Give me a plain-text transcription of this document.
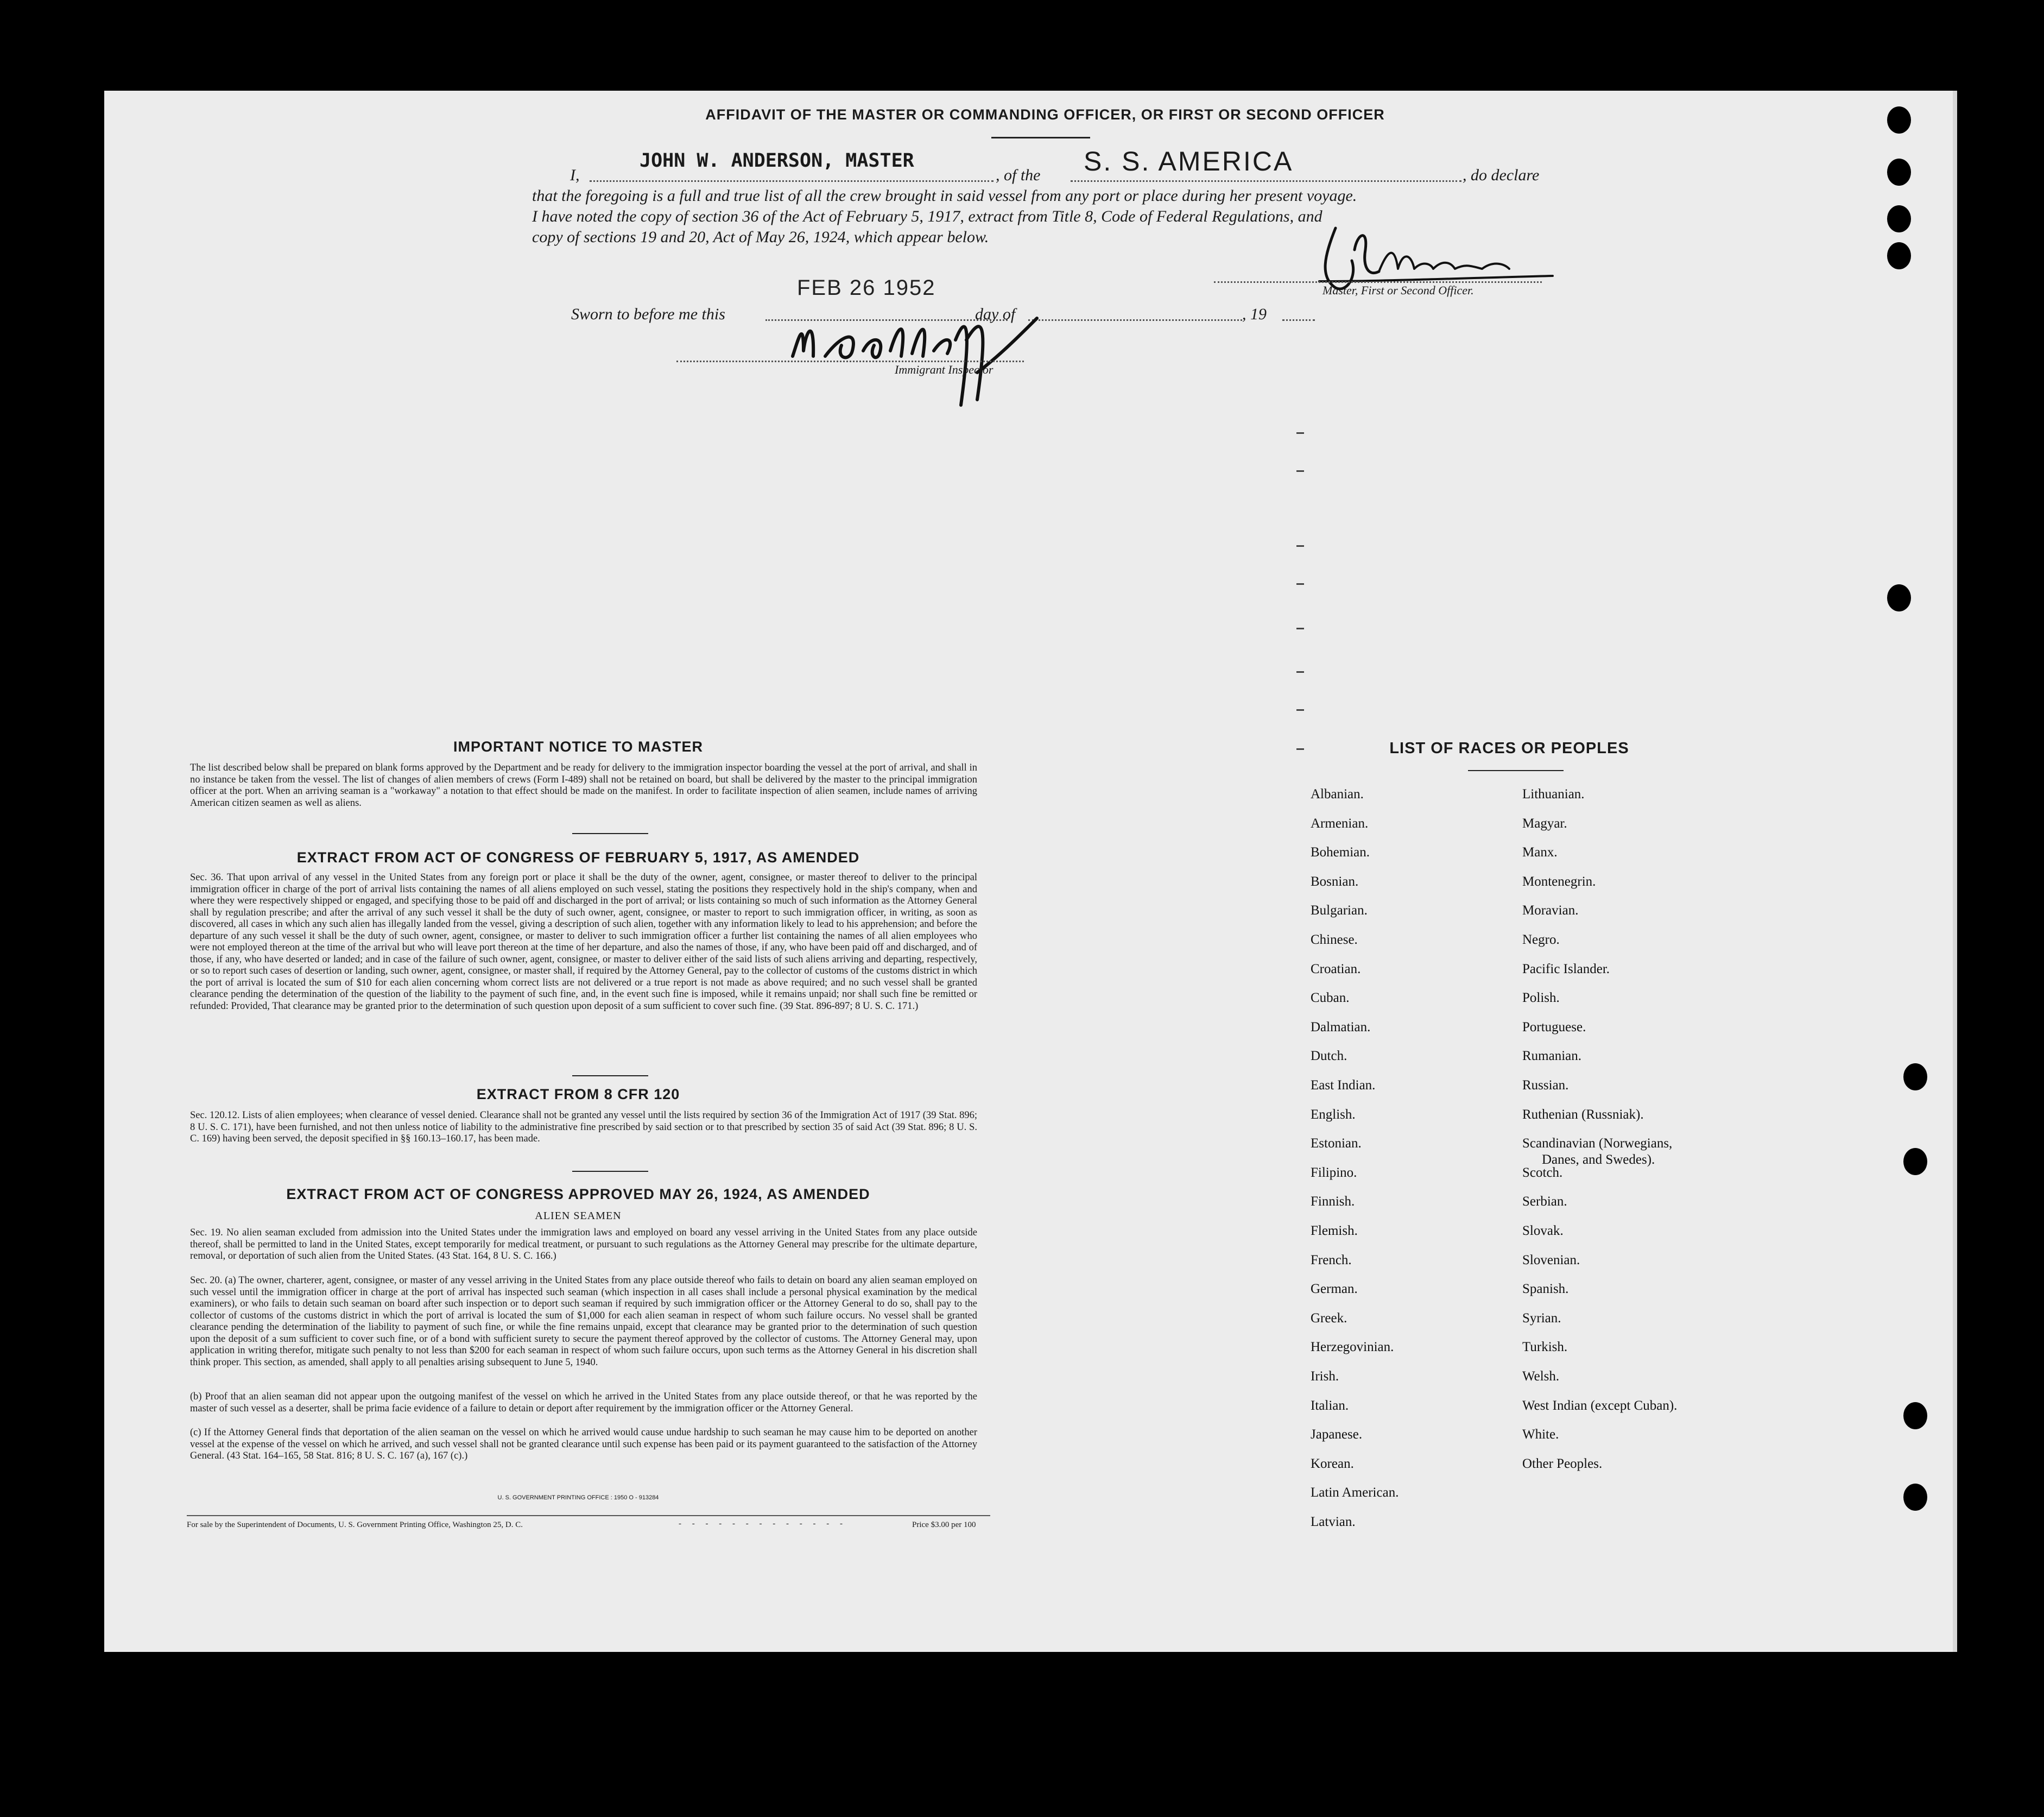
AFFIDAVIT OF THE MASTER OR COMMANDING OFFICER, OR FIRST OR SECOND OFFICER
I,
JOHN W. ANDERSON, MASTER
, of the S. S. AMERICA	, do declare
that the foregoing is a full and true list of all the crew brought in said vessel from any port or place during her present voyage.
I have noted the copy of section 36 of the Act of February 5, 1917, extract from Title 8, Code of Federal Regulations, and
copy of sections 19 and 20, Act of May 26, 1924, which appear below.
Master, First or Second Officer.
FEB 26 1952
Sworn to before me this	day of	, 19
Immigrant Inspector
IMPORTANT NOTICE TO MASTER
The list described below shall be prepared on blank forms approved by the Department and be ready for delivery to the immigration inspector boarding the vessel at the port of arrival, and shall in no instance be taken from the vessel. The list of changes of alien members of crews (Form I-489) shall not be retained on board, but shall be delivered by the master to the principal immigration officer at the port. When an arriving seaman is a "workaway" a notation to that effect should be made on the manifest. In order to facilitate inspection of alien seamen, include names of arriving American citizen seamen as well as aliens.
EXTRACT FROM ACT OF CONGRESS OF FEBRUARY 5, 1917, AS AMENDED
Sec. 36. That upon arrival of any vessel in the United States from any foreign port or place it shall be the duty of the owner, agent, consignee, or master thereof to deliver to the principal immigration officer in charge of the port of arrival lists containing the names of all aliens employed on such vessel, stating the positions they respectively hold in the ship's company, when and where they were respectively shipped or engaged, and specifying those to be paid off and discharged in the port of arrival; or lists containing so much of such information as the Attorney General shall by regulation prescribe; and after the arrival of any such vessel it shall be the duty of such owner, agent, consignee, or master to report to such immigration officer, in writing, as soon as discovered, all cases in which any such alien has illegally landed from the vessel, giving a description of such alien, together with any information likely to lead to his apprehension; and before the departure of any such vessel it shall be the duty of such owner, agent, consignee, or master to deliver to such immigration officer a further list containing the names of all alien employees who were not employed thereon at the time of the arrival but who will leave port thereon at the time of her departure, and also the names of those, if any, who have been paid off and discharged, and of those, if any, who have deserted or landed; and in case of the failure of such owner, agent, consignee, or master to deliver either of the said lists of such aliens arriving and departing, respectively, or so to report such cases of desertion or landing, such owner, agent, consignee, or master shall, if required by the Attorney General, pay to the collector of customs of the customs district in which the port of arrival is located the sum of $10 for each alien concerning whom correct lists are not delivered or a true report is not made as above required; and no such vessel shall be granted clearance pending the determination of the question of the liability to the payment of such fine, and, in the event such fine is imposed, while it remains unpaid; nor shall such fine be remitted or refunded: Provided, That clearance may be granted prior to the determination of such question upon deposit of a sum sufficient to cover such fine. (39 Stat. 896-897; 8 U. S. C. 171.)
EXTRACT FROM 8 CFR 120
Sec. 120.12. Lists of alien employees; when clearance of vessel denied. Clearance shall not be granted any vessel until the lists required by section 36 of the Immigration Act of 1917 (39 Stat. 896; 8 U. S. C. 171), have been furnished, and not then unless notice of liability to the administrative fine prescribed by said section or to that prescribed by section 35 of said Act (39 Stat. 896; 8 U. S. C. 169) having been served, the deposit specified in §§ 160.13–160.17, has been made.
EXTRACT FROM ACT OF CONGRESS APPROVED MAY 26, 1924, AS AMENDED
ALIEN SEAMEN
Sec. 19. No alien seaman excluded from admission into the United States under the immigration laws and employed on board any vessel arriving in the United States from any place outside thereof, shall be permitted to land in the United States, except temporarily for medical treatment, or pursuant to such regulations as the Attorney General may prescribe for the ultimate departure, removal, or deportation of such alien from the United States. (43 Stat. 164, 8 U. S. C. 166.)
Sec. 20. (a) The owner, charterer, agent, consignee, or master of any vessel arriving in the United States from any place outside thereof who fails to detain on board any alien seaman employed on such vessel until the immigration officer in charge at the port of arrival has inspected such seaman (which inspection in all cases shall include a personal physical examination by the medical examiners), or who fails to detain such seaman on board after such inspection or to deport such seaman if required by such immigration officer or the Attorney General to do so, shall pay to the collector of customs of the customs district in which the port of arrival is located the sum of $1,000 for each alien seaman in respect of whom such failure occurs. No vessel shall be granted clearance pending the determination of the liability to payment of such fine, or while the fine remains unpaid, except that clearance may be granted prior to the determination of such question upon the deposit of a sum sufficient to cover such fine, or of a bond with sufficient surety to secure the payment thereof approved by the collector of customs. The Attorney General may, upon application in writing therefor, mitigate such penalty to not less than $200 for each seaman in respect of whom such failure occurs, upon such terms as the Attorney General in his discretion shall think proper. This section, as amended, shall apply to all penalties arising subsequent to June 5, 1940.
(b) Proof that an alien seaman did not appear upon the outgoing manifest of the vessel on which he arrived in the United States from any place outside thereof, or that he was reported by the master of such vessel as a deserter, shall be prima facie evidence of a failure to detain or deport after requirement by the immigration officer or the Attorney General.
(c) If the Attorney General finds that deportation of the alien seaman on the vessel on which he arrived would cause undue hardship to such seaman he may cause him to be deported on another vessel at the expense of the vessel on which he arrived, and such vessel shall not be granted clearance until such expense has been paid or its payment guaranteed to the satisfaction of the Attorney General. (43 Stat. 164–165, 58 Stat. 816; 8 U. S. C. 167 (a), 167 (c).)
U. S. GOVERNMENT PRINTING OFFICE : 1950 O - 913284
For sale by the Superintendent of Documents, U. S. Government Printing Office, Washington 25, D. C.	- - - - - - - - - - - - -	Price $3.00 per 100
LIST OF RACES OR PEOPLES
Albanian.
Armenian.
Bohemian.
Bosnian.
Bulgarian.
Chinese.
Croatian.
Cuban.
Dalmatian.
Dutch.
East Indian.
English.
Estonian.
Filipino.
Finnish.
Flemish.
French.
German.
Greek.
Herzegovinian.
Irish.
Italian.
Japanese.
Korean.
Latin American.
Latvian.
Lithuanian.
Magyar.
Manx.
Montenegrin.
Moravian.
Negro.
Pacific Islander.
Polish.
Portuguese.
Rumanian.
Russian.
Ruthenian (Russniak).
Scandinavian (Norwegians,
Danes, and Swedes).
Scotch.
Serbian.
Slovak.
Slovenian.
Spanish.
Syrian.
Turkish.
Welsh.
West Indian (except Cuban).
White.
Other Peoples.
